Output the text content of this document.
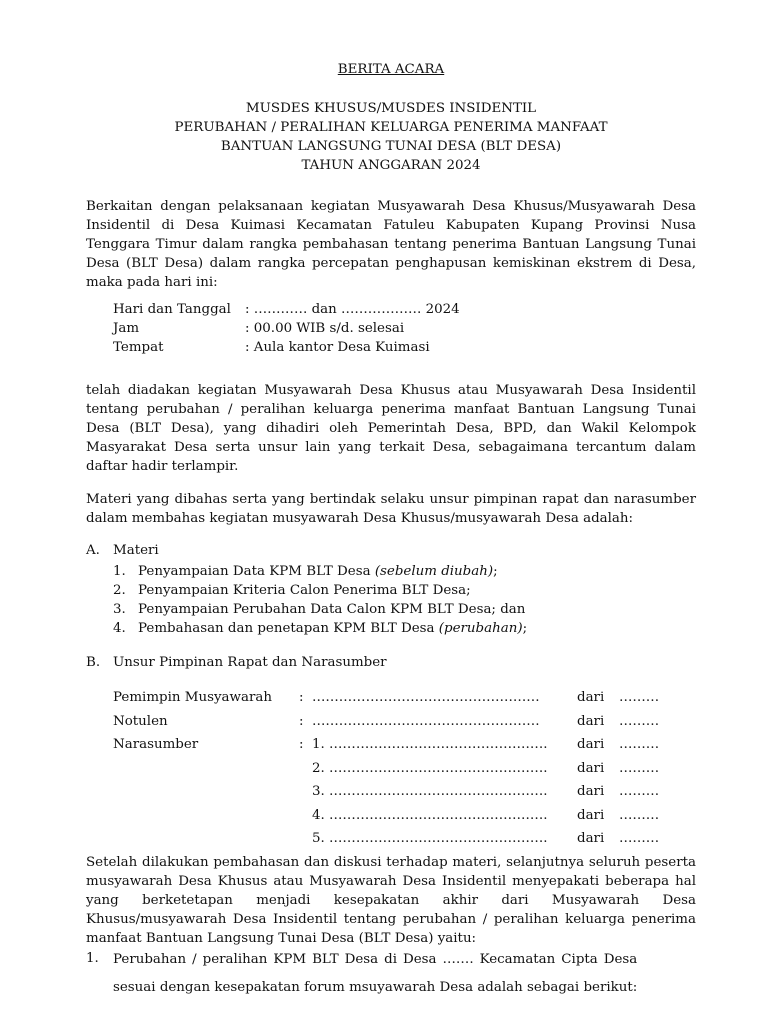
BERITA ACARA
MUSDES KHUSUS/MUSDES INSIDENTIL
PERUBAHAN / PERALIHAN KELUARGA PENERIMA MANFAAT
BANTUAN LANGSUNG TUNAI DESA (BLT DESA)
TAHUN ANGGARAN 2024

Berkaitan dengan pelaksanaan kegiatan Musyawarah Desa Khusus/Musyawarah Desa Insidentil di Desa Kuimasi Kecamatan Fatuleu Kabupaten Kupang Provinsi Nusa Tenggara Timur dalam rangka pembahasan tentang penerima Bantuan Langsung Tunai Desa (BLT Desa) dalam rangka percepatan penghapusan kemiskinan ekstrem di Desa, maka pada hari ini:

Hari dan Tanggal	: ………… dan ……………… 2024
Jam	: 00.00 WIB s/d. selesai
Tempat	: Aula kantor Desa Kuimasi

telah diadakan kegiatan Musyawarah Desa Khusus atau Musyawarah Desa Insidentil tentang perubahan / peralihan keluarga penerima manfaat Bantuan Langsung Tunai Desa (BLT Desa), yang dihadiri oleh Pemerintah Desa, BPD, dan Wakil Kelompok Masyarakat Desa serta unsur lain yang terkait Desa, sebagaimana tercantum dalam daftar hadir terlampir.

Materi yang dibahas serta yang bertindak selaku unsur pimpinan rapat dan narasumber dalam membahas kegiatan musyawarah Desa Khusus/musyawarah Desa adalah:

A. Materi
1. Penyampaian Data KPM BLT Desa (sebelum diubah);
2. Penyampaian Kriteria Calon Penerima BLT Desa;
3. Penyampaian Perubahan Data Calon KPM BLT Desa; dan
4. Pembahasan dan penetapan KPM BLT Desa (perubahan);
B. Unsur Pimpinan Rapat dan Narasumber
Pemimpin Musyawarah	: ……………………………………………	dari	………
Notulen	: ……………………………………………	dari	………
Narasumber	: 1. ………………………………………….	dari	………
2. ………………………………………….	dari	………
3. ………………………………………….	dari	………
4. ………………………………………….	dari	………
5. ………………………………………….	dari	………

Setelah dilakukan pembahasan dan diskusi terhadap materi, selanjutnya seluruh peserta musyawarah Desa Khusus atau Musyawarah Desa Insidentil menyepakati beberapa hal yang berketetapan menjadi kesepakatan akhir dari Musyawarah Desa Khusus/musyawarah Desa Insidentil tentang perubahan / peralihan keluarga penerima manfaat Bantuan Langsung Tunai Desa (BLT Desa) yaitu:

1.	Perubahan / peralihan KPM BLT Desa di Desa ……. Kecamatan Cipta Desa
sesuai dengan kesepakatan forum msuyawarah Desa adalah sebagai berikut:
